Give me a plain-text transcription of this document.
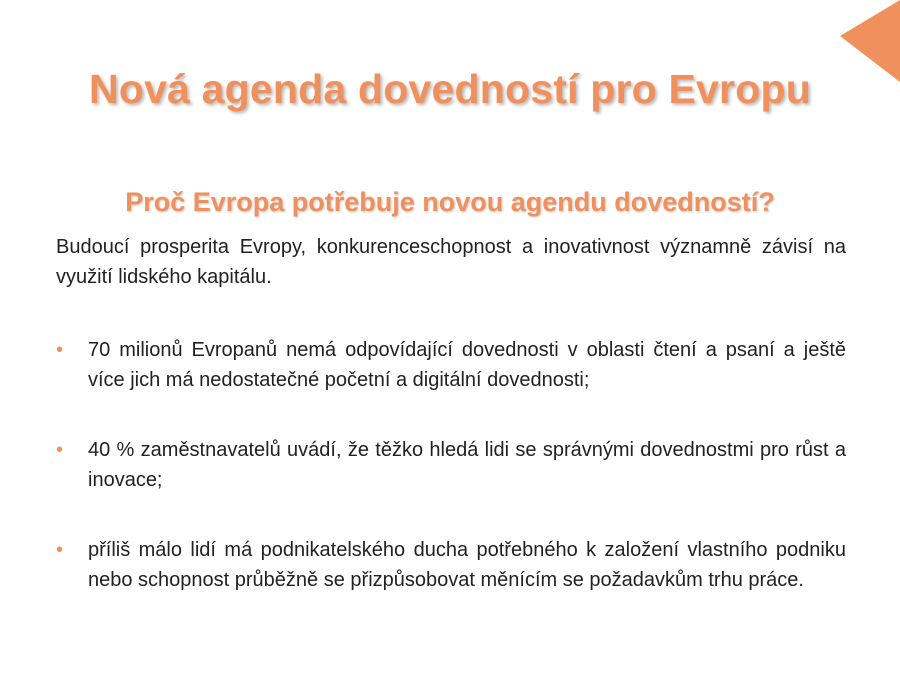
Nová agenda dovedností pro Evropu
Proč Evropa potřebuje novou agendu dovedností?

Budoucí prosperita Evropy, konkurenceschopnost a inovativnost významně závisí na využití lidského kapitálu.

• 70 milionů Evropanů nemá odpovídající dovednosti v oblasti čtení a psaní a ještě více jich má nedostatečné početní a digitální dovednosti;
• 40 % zaměstnavatelů uvádí, že těžko hledá lidi se správnými dovednostmi pro růst a inovace;
• příliš málo lidí má podnikatelského ducha potřebného k založení vlastního podniku nebo schopnost průběžně se přizpůsobovat měnícím se požadavkům trhu práce.
